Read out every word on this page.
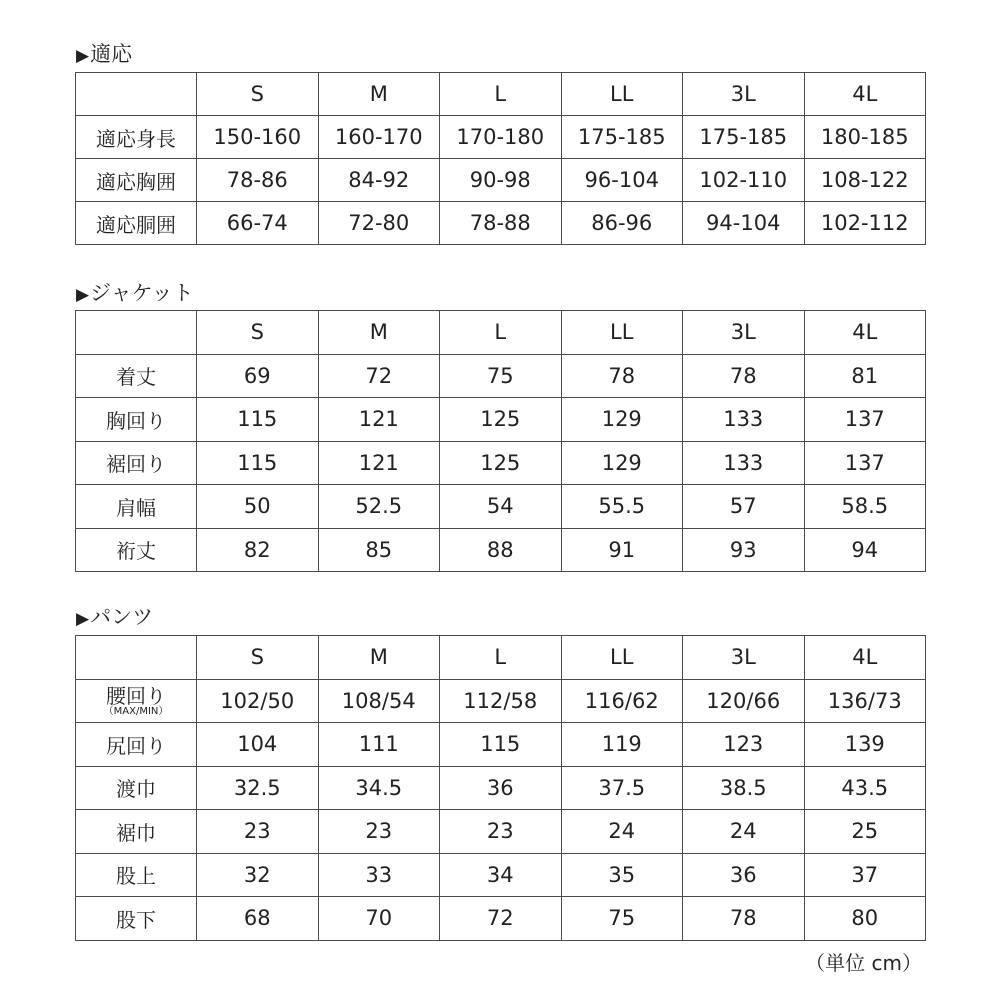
▶適応
	S	M	L	LL	3L	4L
適応身長	150-160	160-170	170-180	175-185	175-185	180-185
適応胸囲	78-86	84-92	90-98	96-104	102-110	108-122
適応胴囲	66-74	72-80	78-88	86-96	94-104	102-112
▶ジャケット
	S	M	L	LL	3L	4L
着丈	69	72	75	78	78	81
胸回り	115	121	125	129	133	137
裾回り	115	121	125	129	133	137
肩幅	50	52.5	54	55.5	57	58.5
裄丈	82	85	88	91	93	94
▶パンツ
	S	M	L	LL	3L	4L

腰回り
（MAX/MIN）	102/50	108/54	112/58	116/62	120/66	136/73
尻回り	104	111	115	119	123	139
渡巾	32.5	34.5	36	37.5	38.5	43.5
裾巾	23	23	23	24	24	25
股上	32	33	34	35	36	37
股下	68	70	72	75	78	80
（単位 cm）
